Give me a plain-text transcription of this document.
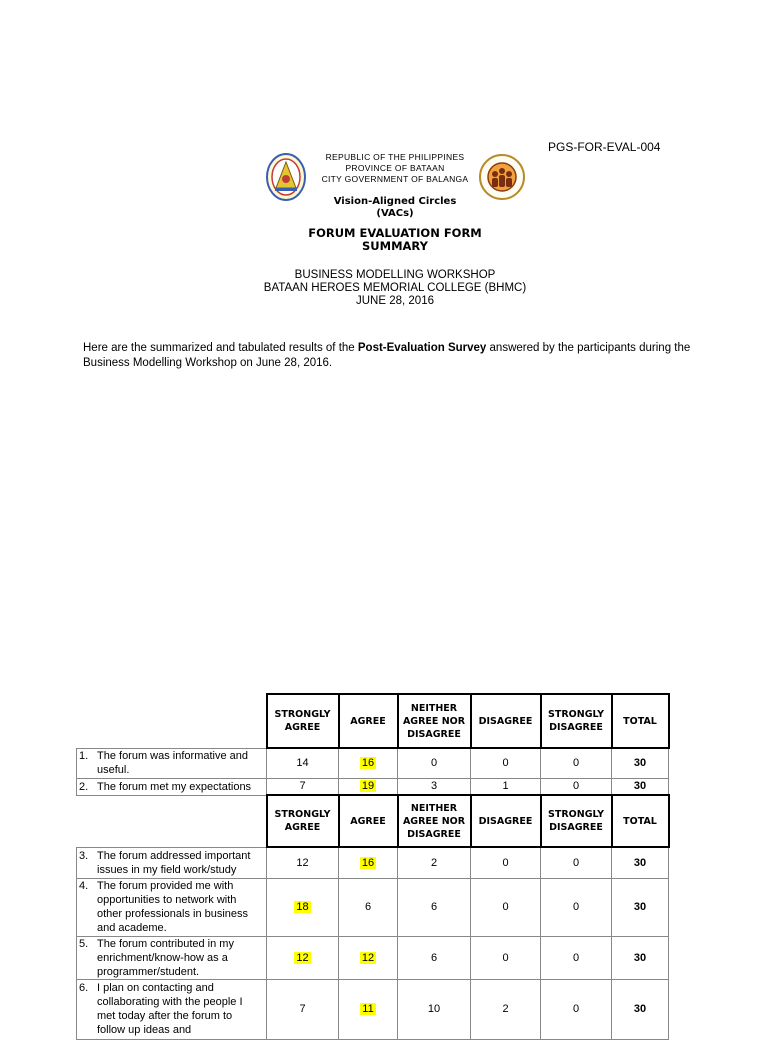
PGS-FOR-EVAL-004
REPUBLIC OF THE PHILIPPINES
PROVINCE OF BATAAN
CITY GOVERNMENT OF BALANGA
Vision-Aligned Circles
(VACs)
FORUM EVALUATION FORM
SUMMARY
BUSINESS MODELLING WORKSHOP
BATAAN HEROES MEMORIAL COLLEGE (BHMC)
JUNE 28, 2016
Here are the summarized and tabulated results of the Post-Evaluation Survey answered by the participants during the Business Modelling Workshop on June 28, 2016.
	STRONGLY AGREE	AGREE	NEITHER
AGREE NOR
DISAGREE	DISAGREE	STRONGLY DISAGREE	TOTAL

1. The forum was informative and useful.	14	16	0	0	0	30

2. The forum met my expectations	7	19	3	1	0	30
	STRONGLY AGREE	AGREE	NEITHER
AGREE NOR
DISAGREE	DISAGREE	STRONGLY DISAGREE	TOTAL

3. The forum addressed important issues in my field work/study	12	16	2	0	0	30

4. The forum provided me with opportunities to network with other professionals in business and academe.	18	6	6	0	0	30

5. The forum contributed in my enrichment/know-how as a programmer/student.	12	12	6	0	0	30

6. I plan on contacting and collaborating with the people I met today after the forum to follow up ideas and	7	11	10	2	0	30
